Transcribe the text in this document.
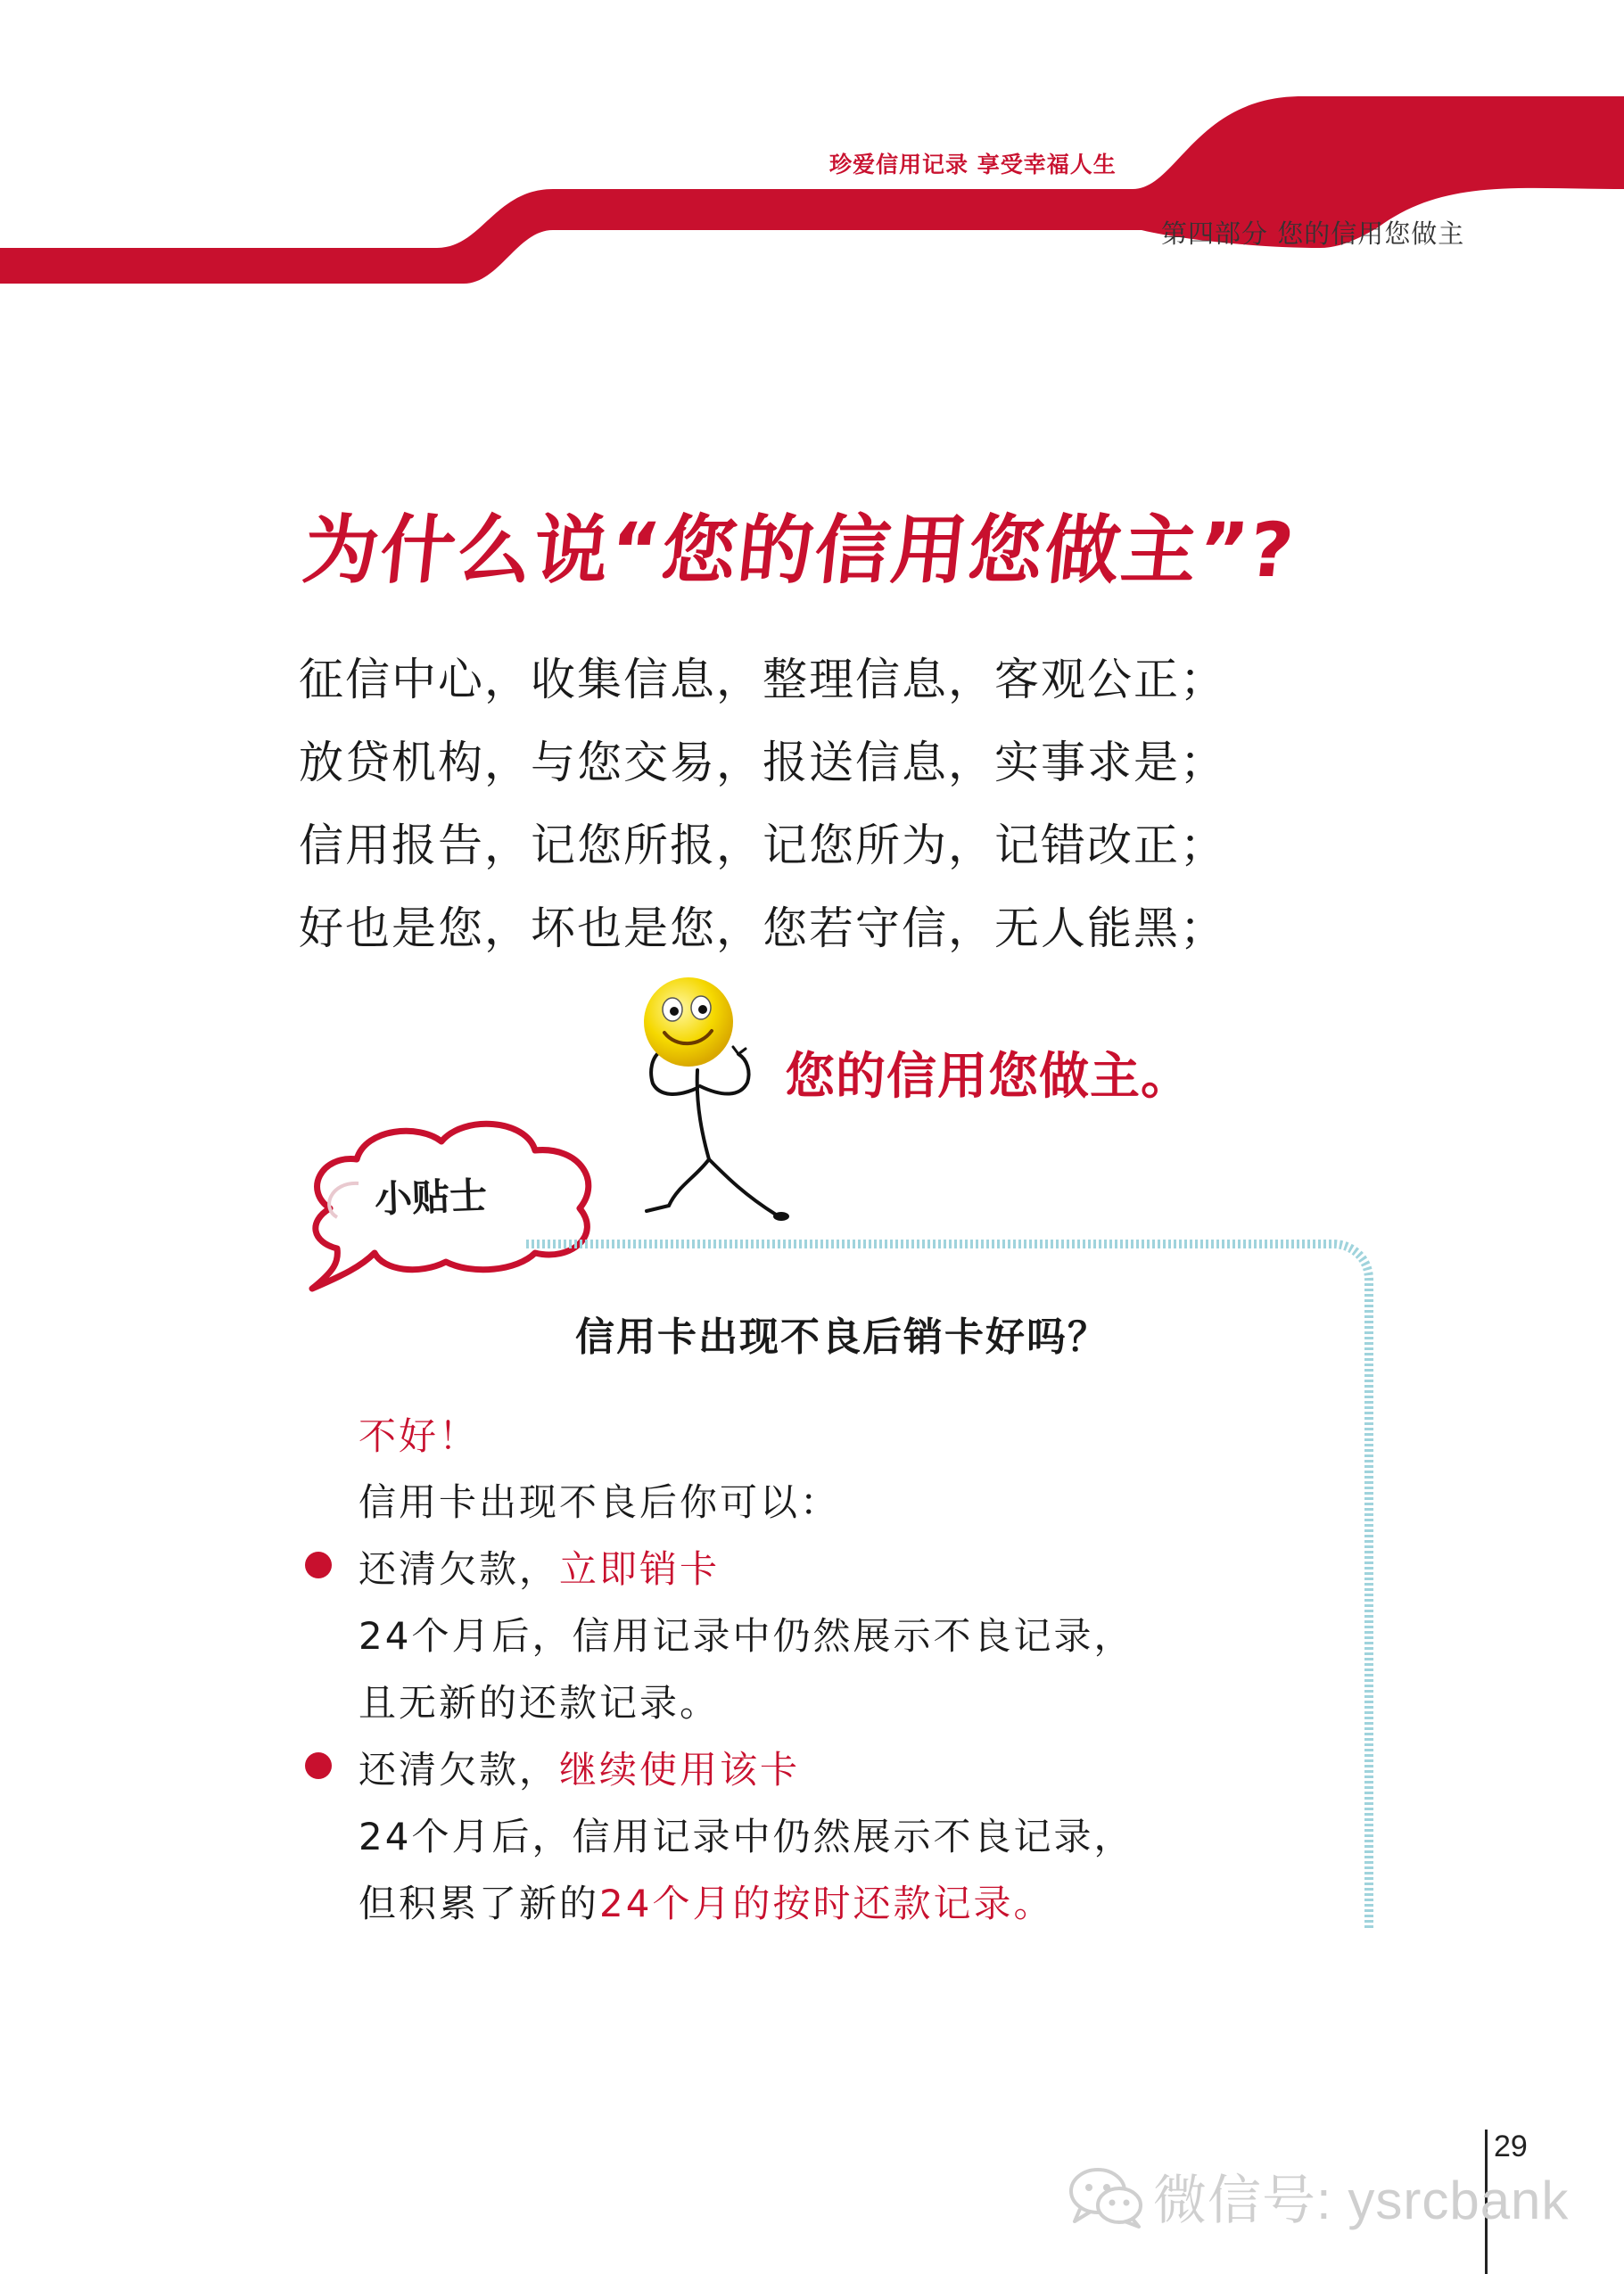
珍爱信用记录 享受幸福人生
第四部分 您的信用您做主
为什么说“您的信用您做主”?
征信中心，收集信息，整理信息，客观公正；
放贷机构，与您交易，报送信息，实事求是；
信用报告，记您所报，记您所为，记错改正；
好也是您，坏也是您，您若守信，无人能黑；
您的信用您做主。
小贴士
信用卡出现不良后销卡好吗？
不好！
信用卡出现不良后你可以：
还清欠款，立即销卡
24个月后，信用记录中仍然展示不良记录，
且无新的还款记录。
还清欠款，继续使用该卡
24个月后，信用记录中仍然展示不良记录，
但积累了新的24个月的按时还款记录。
29
微信号: ysrcbank
